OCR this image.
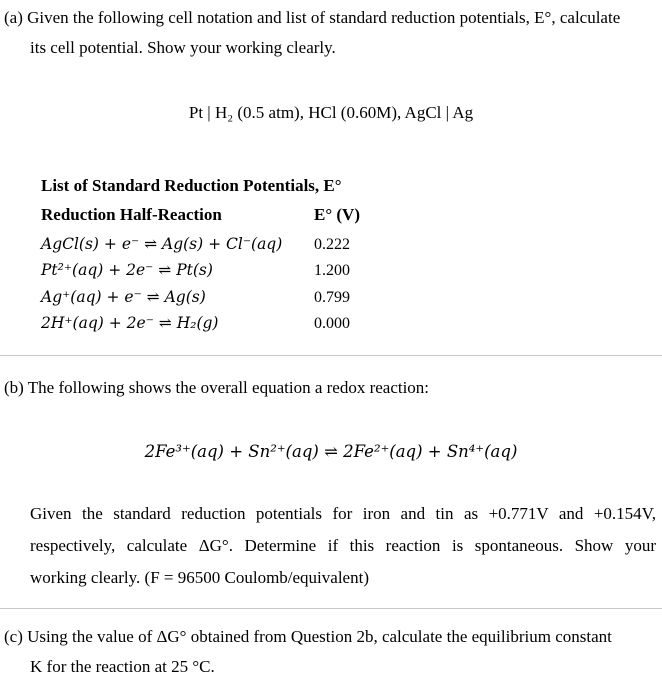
(a) Given the following cell notation and list of standard reduction potentials, E°, calculate
its cell potential. Show your working clearly.
Pt | H₂ (0.5 atm), HCl (0.60M), AgCl | Ag
List of Standard Reduction Potentials, E°
Reduction Half-Reaction	E° (V)
AgCl(s) + e⁻ ⇌ Ag(s) + Cl⁻(aq) 0.222
Pt²⁺(aq) + 2e⁻ ⇌ Pt(s)	1.200
Ag⁺(aq) + e⁻ ⇌ Ag(s)	0.799
2H⁺(aq) + 2e⁻ ⇌ H₂(g)	0.000
(b) The following shows the overall equation a redox reaction:
2Fe³⁺(aq) + Sn²⁺(aq) ⇌ 2Fe²⁺(aq) + Sn⁴⁺(aq)
Given the standard reduction potentials for iron and tin as +0.771V and +0.154V,
respectively, calculate ΔG°. Determine if this reaction is spontaneous. Show your
working clearly. (F = 96500 Coulomb/equivalent)
(c) Using the value of ΔG° obtained from Question 2b, calculate the equilibrium constant
K for the reaction at 25 °C.
